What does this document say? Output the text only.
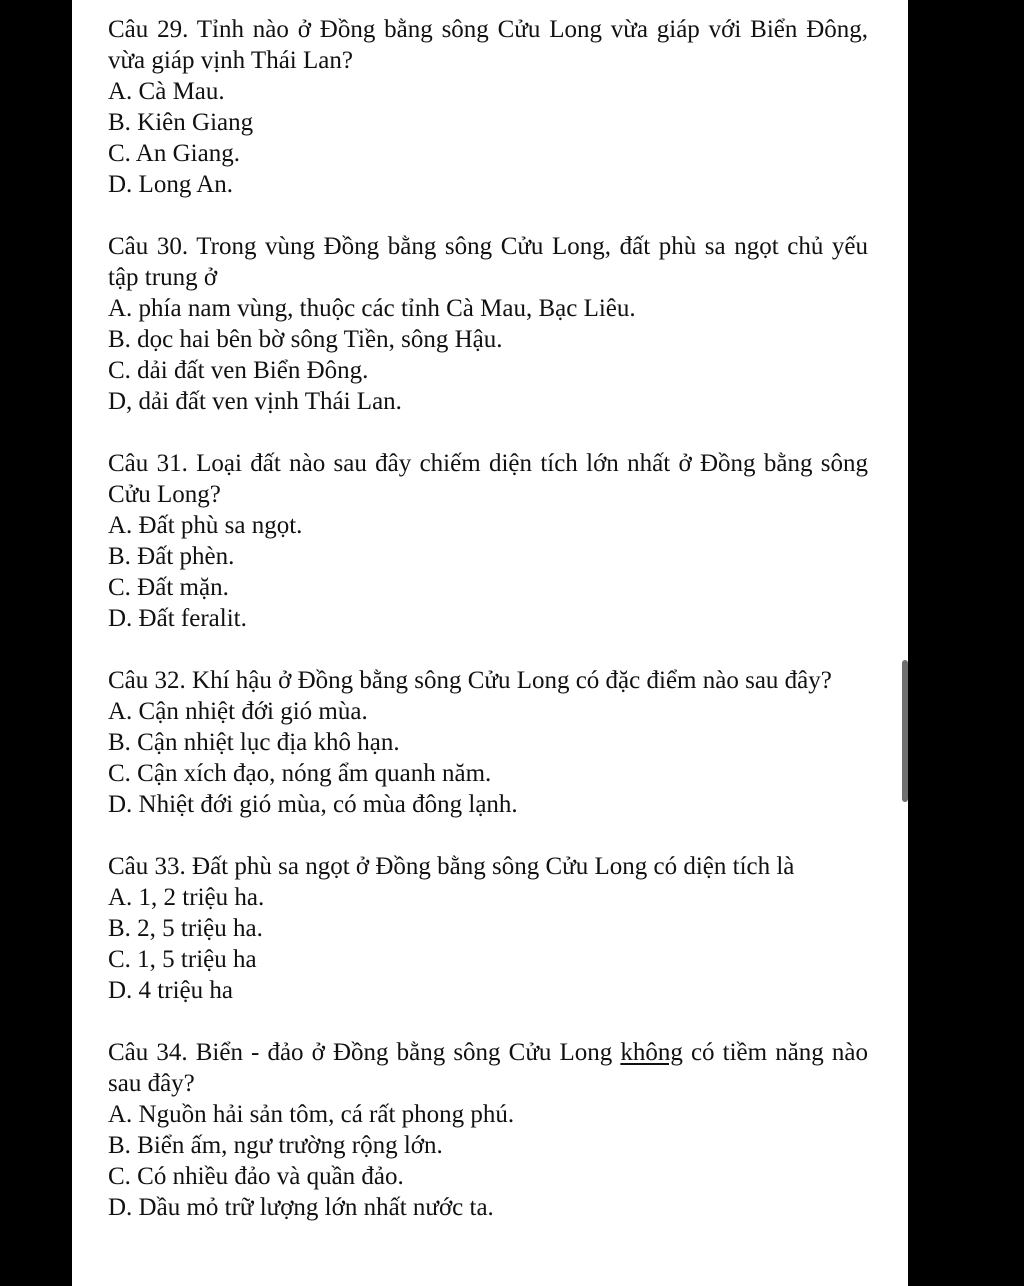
Câu 29. Tỉnh nào ở Đồng bằng sông Cửu Long vừa giáp với Biển Đông, vừa giáp vịnh Thái Lan?

A. Cà Mau.

B. Kiên Giang

C. An Giang.

D. Long An.

Câu 30. Trong vùng Đồng bằng sông Cửu Long, đất phù sa ngọt chủ yếu tập trung ở

A. phía nam vùng, thuộc các tỉnh Cà Mau, Bạc Liêu.

B. dọc hai bên bờ sông Tiền, sông Hậu.

C. dải đất ven Biển Đông.

D, dải đất ven vịnh Thái Lan.

Câu 31. Loại đất nào sau đây chiếm diện tích lớn nhất ở Đồng bằng sông Cửu Long?

A. Đất phù sa ngọt.

B. Đất phèn.

C. Đất mặn.

D. Đất feralit.

Câu 32. Khí hậu ở Đồng bằng sông Cửu Long có đặc điểm nào sau đây?

A. Cận nhiệt đới gió mùa.

B. Cận nhiệt lục địa khô hạn.

C. Cận xích đạo, nóng ẩm quanh năm.

D. Nhiệt đới gió mùa, có mùa đông lạnh.

Câu 33. Đất phù sa ngọt ở Đồng bằng sông Cửu Long có diện tích là

A. 1, 2 triệu ha.

B. 2, 5 triệu ha.

C. 1, 5 triệu ha

D. 4 triệu ha

Câu 34. Biển - đảo ở Đồng bằng sông Cửu Long không có tiềm năng nào sau đây?

A. Nguồn hải sản tôm, cá rất phong phú.

B. Biển ấm, ngư trường rộng lớn.

C. Có nhiều đảo và quần đảo.

D. Dầu mỏ trữ lượng lớn nhất nước ta.
